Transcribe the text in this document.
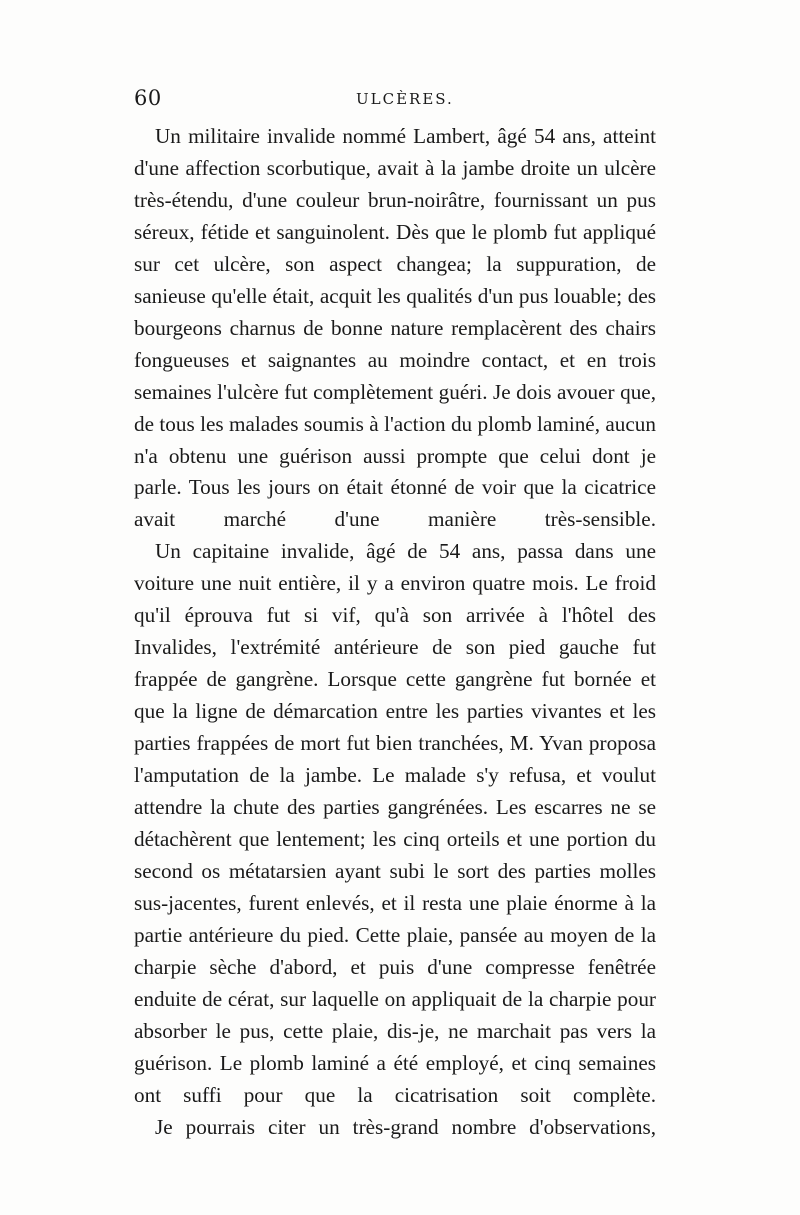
60	ULCÈRES.

Un militaire invalide nommé Lambert, âgé 54 ans, atteint d'une affection scorbutique, avait à la jambe droite un ulcère très-étendu, d'une couleur brun-noirâtre, fournissant un pus séreux, fétide et sanguinolent. Dès que le plomb fut appliqué sur cet ulcère, son aspect changea; la suppuration, de sanieuse qu'elle était, acquit les qualités d'un pus louable; des bourgeons charnus de bonne nature remplacèrent des chairs fongueuses et saignantes au moindre contact, et en trois semaines l'ulcère fut complètement guéri. Je dois avouer que, de tous les malades soumis à l'action du plomb laminé, aucun n'a obtenu une guérison aussi prompte que celui dont je parle. Tous les jours on était étonné de voir que la cicatrice avait marché d'une manière très-sensible.

Un capitaine invalide, âgé de 54 ans, passa dans une voiture une nuit entière, il y a environ quatre mois. Le froid qu'il éprouva fut si vif, qu'à son arrivée à l'hôtel des Invalides, l'extrémité antérieure de son pied gauche fut frappée de gangrène. Lorsque cette gangrène fut bornée et que la ligne de démarcation entre les parties vivantes et les parties frappées de mort fut bien tranchées, M. Yvan proposa l'amputation de la jambe. Le malade s'y refusa, et voulut attendre la chute des parties gangrénées. Les escarres ne se détachèrent que lentement; les cinq orteils et une portion du second os métatarsien ayant subi le sort des parties molles sus-jacentes, furent enlevés, et il resta une plaie énorme à la partie antérieure du pied. Cette plaie, pansée au moyen de la charpie sèche d'abord, et puis d'une compresse fenêtrée enduite de cérat, sur laquelle on appliquait de la charpie pour absorber le pus, cette plaie, dis-je, ne marchait pas vers la guérison. Le plomb laminé a été employé, et cinq semaines ont suffi pour que la cicatrisation soit complète.

Je pourrais citer un très-grand nombre d'observations,
